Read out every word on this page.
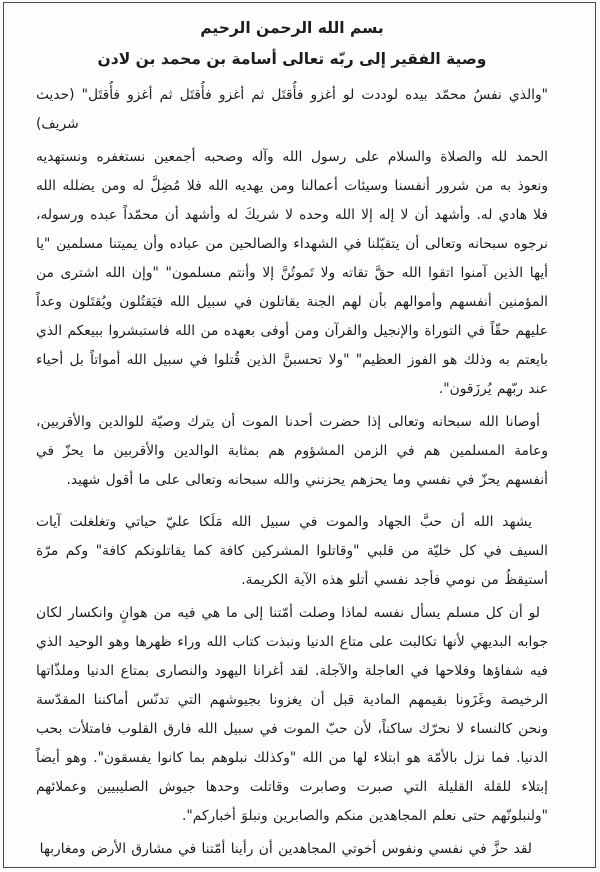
بسم الله الرحمن الرحيم

وصية الفقير إلى ربّه تعالى أسامة بن محمد بن لادن

"والذي نفسُ محمّد بيده لوددت لو أغزو فأُقتَل ثم أغزو فأُقتَل ثم أغزو فأُقتَل" (حديث

شريف)

الحمد لله والصلاة والسلام على رسول الله وآله وصحبه أجمعين نستغفره ونستهديه ونعوذ به من شرور أنفسنا وسيئات أعمالنا ومن يهديه الله فلا مُضِلَّ له ومن يضلله الله فلا هادي له. وأشهد أن لا إله إلا الله وحده لا شريكَ له وأشهد أن محمّداً عبده ورسوله، نرجوه سبحانه وتعالى أن يتقبّلنا في الشهداء والصالحين من عباده وأن يميتنا مسلمين "يا أيها الذين آمنوا اتقوا الله حقَّ تقاته ولا تَموتُنَّ إلا وأنتم مسلمون" "وإن الله اشترى من المؤمنين أنفسهم وأموالهم بأن لهم الجنة يقاتلون في سبيل الله فيَقتُلون ويُقتَلون وعداً عليهم حقّاً في التوراة والإنجيل والقرآن ومن أوفى بعهده من الله فاستبشروا ببيعكم الذي بايعتم به وذلك هو الفوز العظيم" "ولا تحسبنَّ الذين قُتلوا في سبيل الله أمواتاً بل أحياء عند ربّهم يُرزَقون".

أوصانا الله سبحانه وتعالى إذا حضرت أحدنا الموت أن يترك وصيّة للوالدين والأقربين، وعامة المسلمين هم في الزمن المشؤوم هم بمثابة الوالدين والأقربين ما يحزّ في أنفسهم يحزّ في نفسي وما يحزهم يحزنني والله سبحانه وتعالى على ما أقول شهيد.

يشهد الله أن حبَّ الجهاد والموت في سبيل الله مَلَكا عليّ حياتي وتغلغلت آيات السيف في كل خليّة من قلبي "وقاتلوا المشركين كافة كما يقاتلونكم كافة" وكم مرّة أستيقظُ من نومي فأجد نفسي أتلو هذه الآية الكريمة.

لو أن كل مسلم يسأل نفسه لماذا وصلت أمّتنا إلى ما هي فيه من هوانٍ وانكسار لكان جوابه البديهي لأنها تكالبت على متاع الدنيا ونبذت كتاب الله وراء ظهرها وهو الوحيد الذي فيه شفاؤها وفلاحها في العاجلة والآجلة. لقد أغرانا اليهود والنصارى بمتاع الدنيا وملذّاتها الرخيصة وغَزَونا بقيمهم المادية قبل أن يغزونا بجيوشهم التي تدنّس أماكننا المقدّسة ونحن كالنساء لا نحرّك ساكناً، لأن حبّ الموت في سبيل الله فارق القلوب فامتلأت بحب الدنيا. فما نزل بالأمّة هو ابتلاء لها من الله "وكذلك نبلوهم بما كانوا يفسقون". وهو أيضاً إبتلاء للقلة القليلة التي صبرت وصابرت وقاتلت وحدها جيوش الصليبيين وعملائهم "ولنبلونّهم حتى نعلم المجاهدين منكم والصابرين ونبلوَ أخباركم".

لقد حزَّ في نفسي ونفوس أخوتي المجاهدين أن رأينا أمّتنا في مشارق الأرض ومغاربها
